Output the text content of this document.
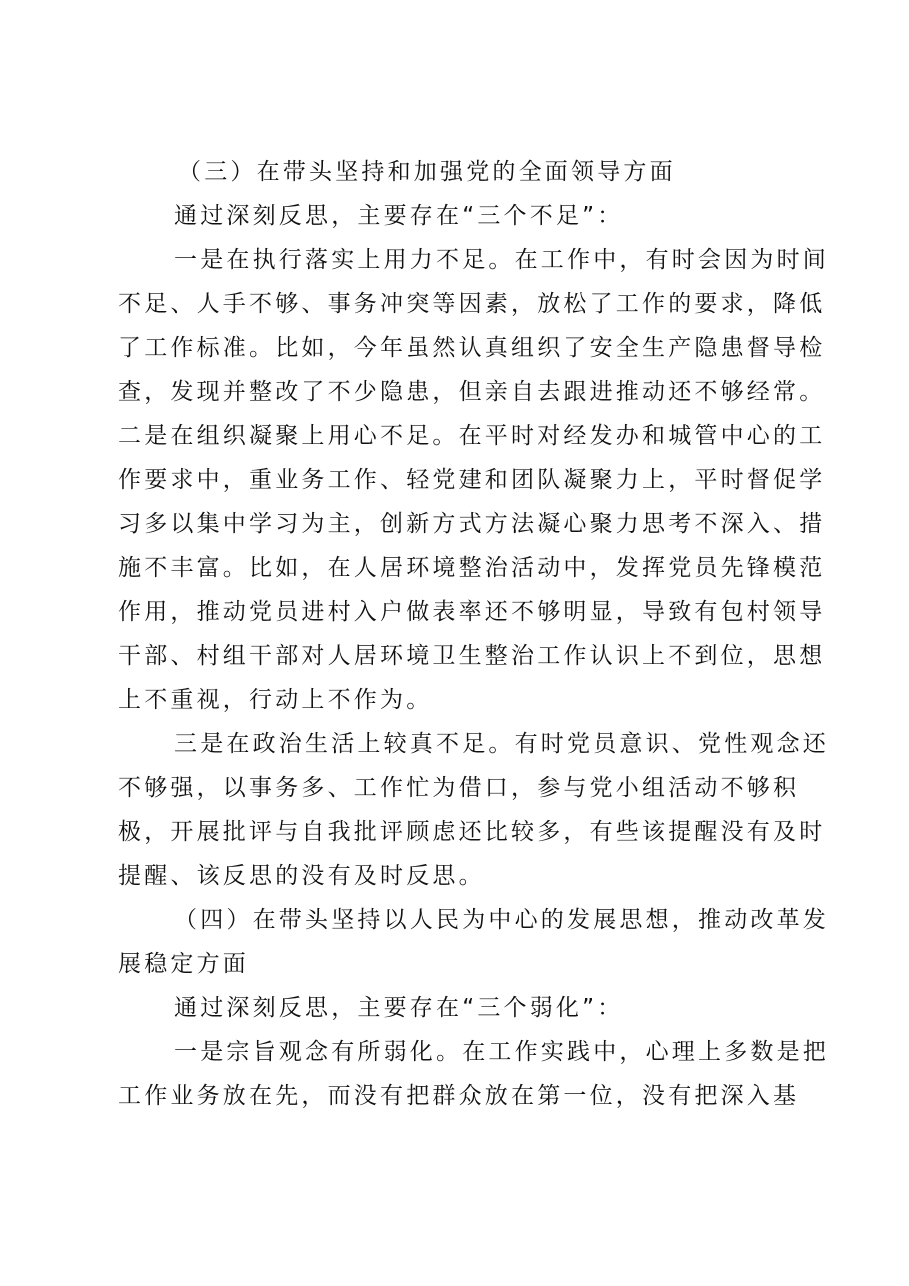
（三）在带头坚持和加强党的全面领导方面

通过深刻反思，主要存在“三个不足”：

一是在执行落实上用力不足。在工作中，有时会因为时间
不足、人手不够、事务冲突等因素，放松了工作的要求，降低
了工作标准。比如，今年虽然认真组织了安全生产隐患督导检
查，发现并整改了不少隐患，但亲自去跟进推动还不够经常。
二是在组织凝聚上用心不足。在平时对经发办和城管中心的工
作要求中，重业务工作、轻党建和团队凝聚力上，平时督促学
习多以集中学习为主，创新方式方法凝心聚力思考不深入、措
施不丰富。比如，在人居环境整治活动中，发挥党员先锋模范
作用，推动党员进村入户做表率还不够明显，导致有包村领导
干部、村组干部对人居环境卫生整治工作认识上不到位，思想
上不重视，行动上不作为。

三是在政治生活上较真不足。有时党员意识、党性观念还
不够强，以事务多、工作忙为借口，参与党小组活动不够积
极，开展批评与自我批评顾虑还比较多，有些该提醒没有及时
提醒、该反思的没有及时反思。

（四）在带头坚持以人民为中心的发展思想，推动改革发
展稳定方面

通过深刻反思，主要存在“三个弱化”：

一是宗旨观念有所弱化。在工作实践中，心理上多数是把
工作业务放在先，而没有把群众放在第一位，没有把深入基
